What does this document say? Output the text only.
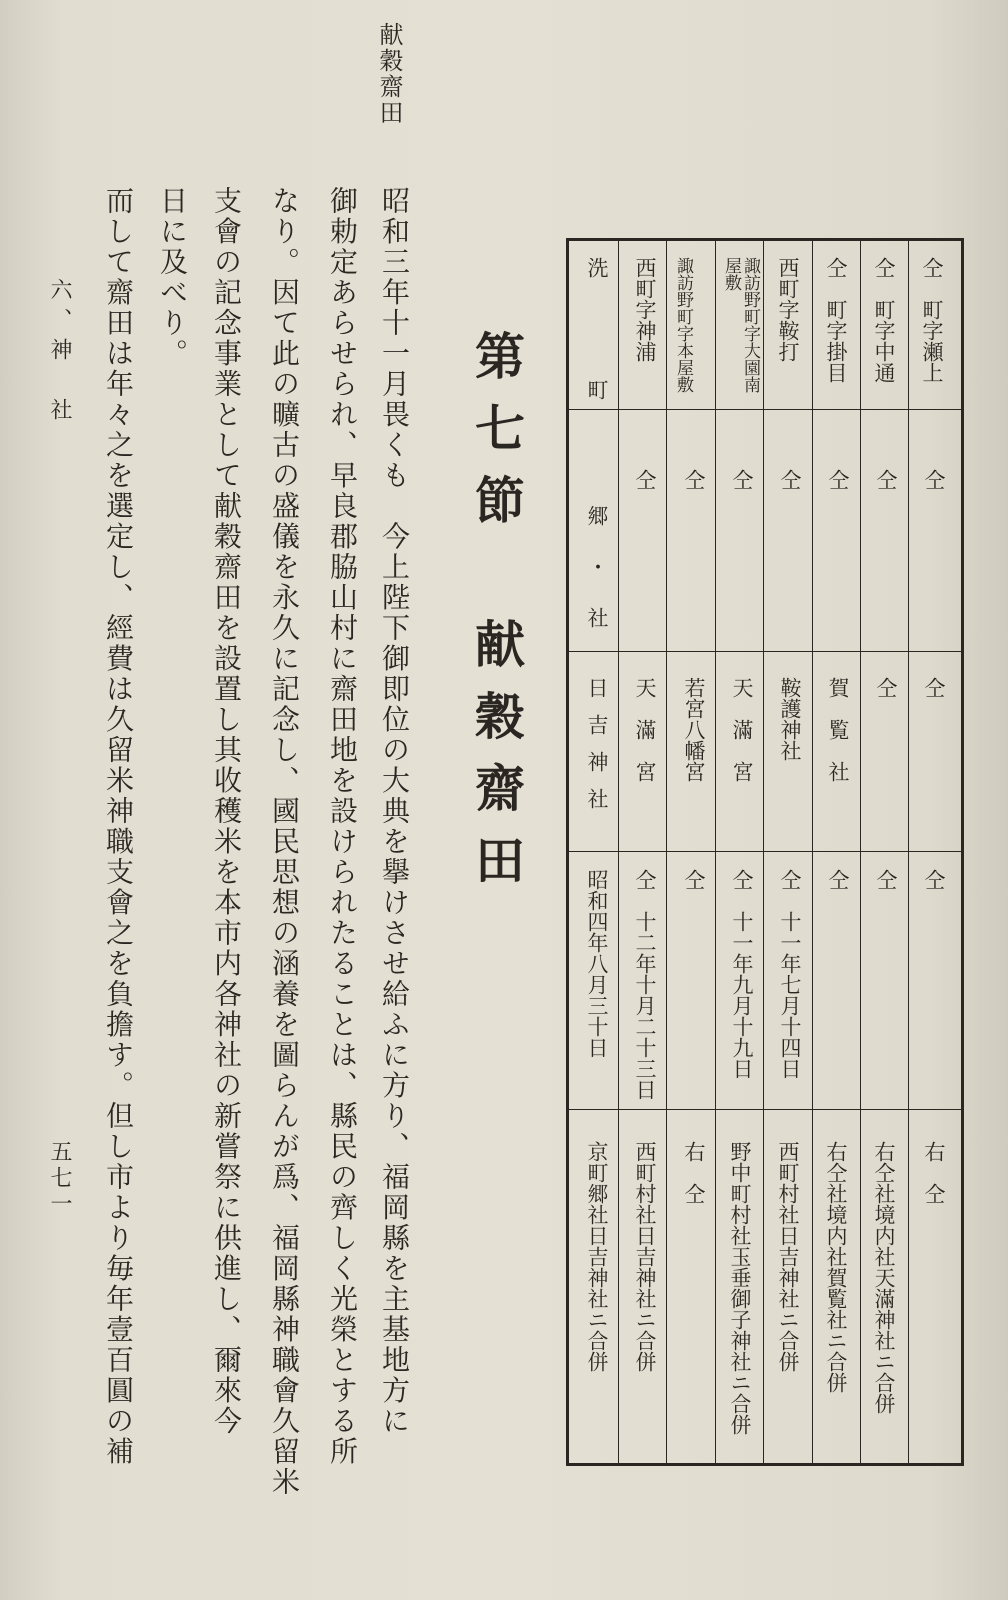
献穀齋田
仝　町字瀬上
仝
仝
仝
右　仝
仝　町字中通
仝
仝
仝
右仝社境内社天滿神社ニ合併
仝　町字掛目
仝
賀　覧　社
仝
右仝社境内社賀覧社ニ合併
西町字鞍打
仝
鞍護神社
仝　十一年七月十四日
西町村社日吉神社ニ合併
諏訪野町字大園南屋敷
仝
天　滿　宮
仝　十一年九月十九日
野中町村社玉垂御子神社ニ合併
諏訪野町字本屋敷
仝
若宮八幡宮
仝
右　仝
西町字神浦
仝
天　滿　宮
仝　十二年十月二十三日
西町村社日吉神社ニ合併
洗　町
郷・社
日吉神社
昭和四年八月三十日
京町郷社日吉神社ニ合併
第七節　献穀齋田
昭和三年十一月畏くも　今上陛下御即位の大典を擧けさせ給ふに方り、福岡縣を主基地方に
御勅定あらせられ、早良郡脇山村に齋田地を設けられたることは、縣民の齊しく光榮とする所
なり。因て此の曠古の盛儀を永久に記念し、國民思想の涵養を圖らんが爲、福岡縣神職會久留米
支會の記念事業として献穀齋田を設置し其收穫米を本市内各神社の新嘗祭に供進し、爾來今
日に及べり。
而して齋田は年々之を選定し、經費は久留米神職支會之を負擔す。但し市より毎年壹百圓の補
六、神　社
五七一
